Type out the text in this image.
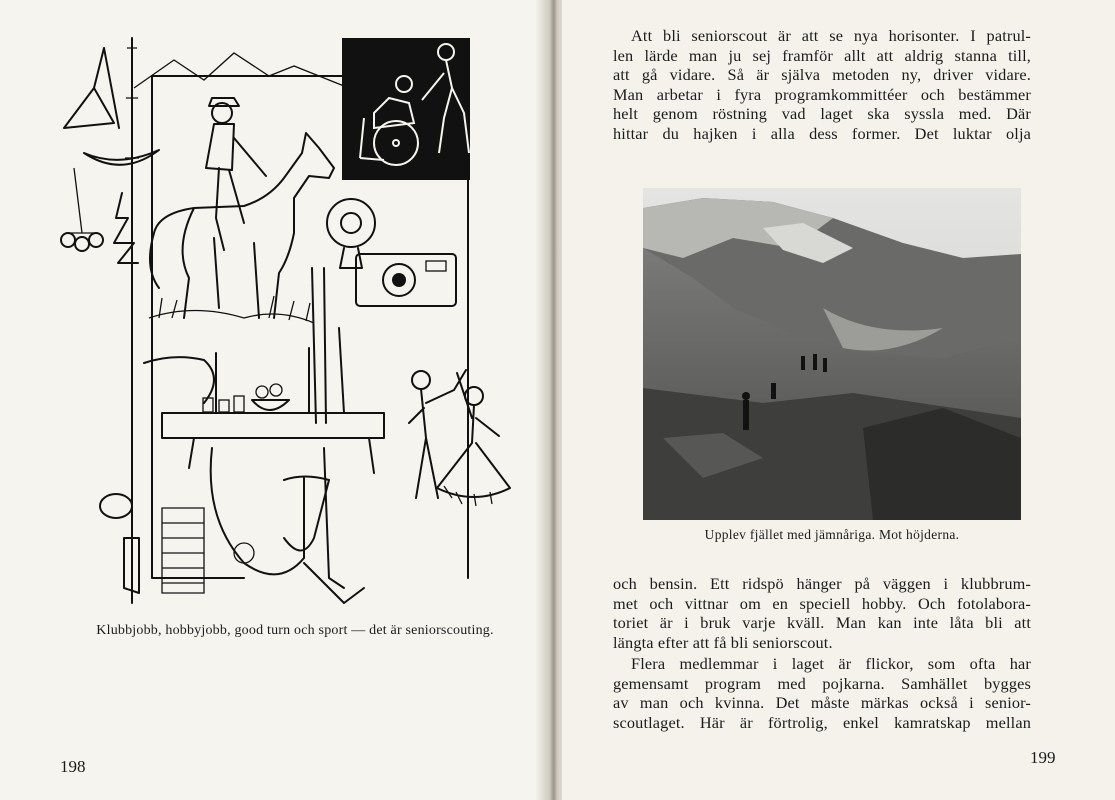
Klubbjobb, hobbyjobb, good turn och sport — det är seniorscouting.
198
Att bli seniorscout är att se nya horisonter. I patrul-
len lärde man ju sej framför allt att aldrig stanna till,
att gå vidare. Så är själva metoden ny, driver vidare.
Man arbetar i fyra programkommittéer och bestämmer
helt genom röstning vad laget ska syssla med. Där
hittar du hajken i alla dess former. Det luktar olja
Upplev fjället med jämnåriga. Mot höjderna.
och bensin. Ett ridspö hänger på väggen i klubbrum-
met och vittnar om en speciell hobby. Och fotolabora-
toriet är i bruk varje kväll. Man kan inte låta bli att
längta efter att få bli seniorscout.
Flera medlemmar i laget är flickor, som ofta har
gemensamt program med pojkarna. Samhället bygges
av man och kvinna. Det måste märkas också i senior-
scoutlaget. Här är förtrolig, enkel kamratskap mellan
199
